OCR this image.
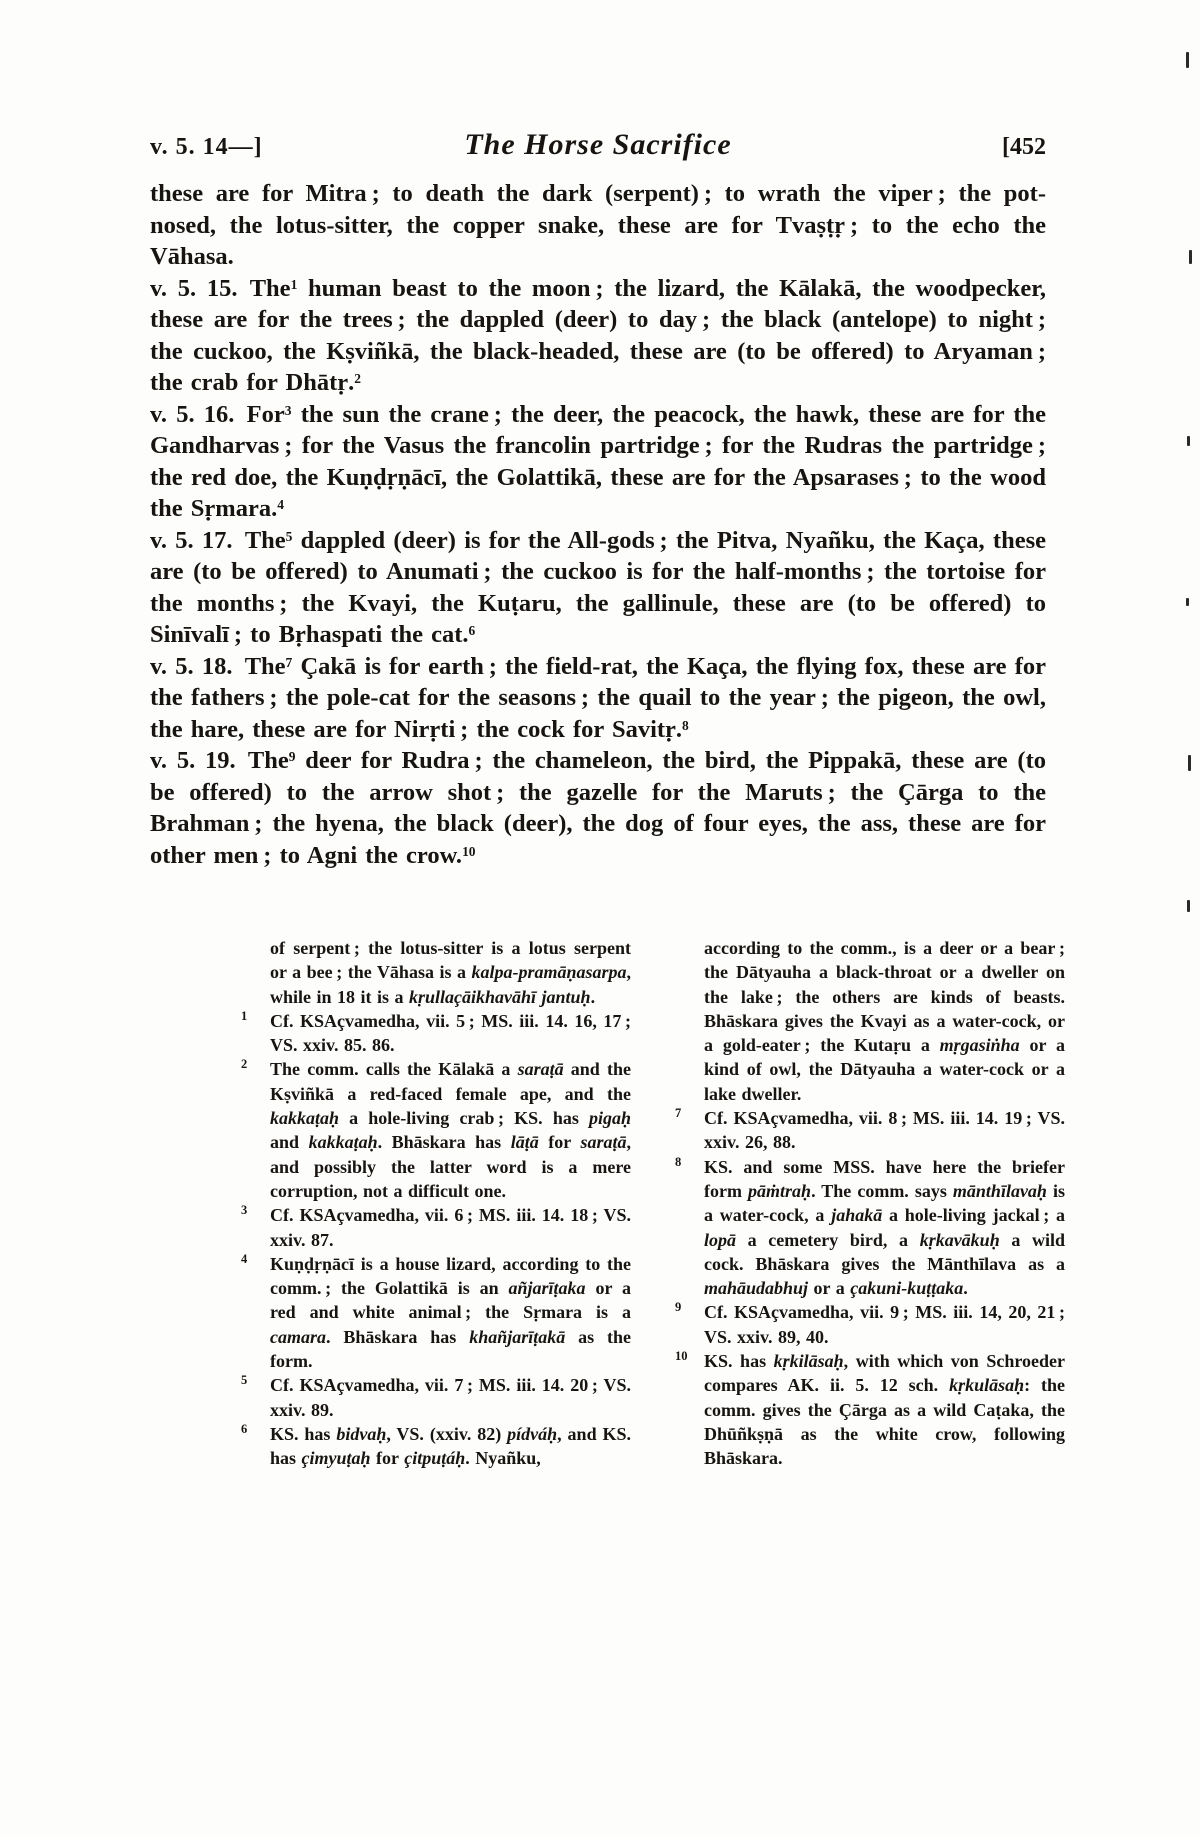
v. 5. 14—]	The Horse Sacrifice	[452

these are for Mitra ; to death the dark (serpent) ; to wrath the viper ; the pot-nosed, the lotus-sitter, the copper snake, these are for Tvaṣṭṛ ; to the echo the Vāhasa.

v. 5. 15. The$^1$ human beast to the moon ; the lizard, the Kālakā, the woodpecker, these are for the trees ; the dappled (deer) to day ; the black (antelope) to night ; the cuckoo, the Kṣviñkā, the black-headed, these are (to be offered) to Aryaman ; the crab for Dhātṛ.$^2$

v. 5. 16. For$^3$ the sun the crane ; the deer, the peacock, the hawk, these are for the Gandharvas ; for the Vasus the francolin partridge ; for the Rudras the partridge ; the red doe, the Kuṇḍṛṇācī, the Golattikā, these are for the Apsarases ; to the wood the Sṛmara.$^4$

v. 5. 17. The$^5$ dappled (deer) is for the All-gods ; the Pitva, Nyañku, the Kaça, these are (to be offered) to Anumati ; the cuckoo is for the half-months ; the tortoise for the months ; the Kvayi, the Kuṭaru, the gallinule, these are (to be offered) to Sinīvalī ; to Bṛhaspati the cat.$^6$

v. 5. 18. The$^7$ Çakā is for earth ; the field-rat, the Kaça, the flying fox, these are for the fathers ; the pole-cat for the seasons ; the quail to the year ; the pigeon, the owl, the hare, these are for Nirṛti ; the cock for Savitṛ.$^8$

v. 5. 19. The$^9$ deer for Rudra ; the chameleon, the bird, the Pippakā, these are (to be offered) to the arrow shot ; the gazelle for the Maruts ; the Çārga to the Brahman ; the hyena, the black (deer), the dog of four eyes, the ass, these are for other men ; to Agni the crow.$^{10}$

of serpent ; the lotus-sitter is a lotus serpent or a bee ; the Vāhasa is a kalpa-pramāṇasarpa, while in 18 it is a kṛullaçāikhavāhī jantuḥ.
1 Cf. KSAçvamedha, vii. 5 ; MS. iii. 14. 16, 17 ; VS. xxiv. 85. 86.
2 The comm. calls the Kālakā a saraṭā and the Kṣviñkā a red-faced female ape, and the kakkaṭaḥ a hole-living crab ; KS. has pigaḥ and kakkaṭaḥ. Bhāskara has lāṭā for saraṭā, and possibly the latter word is a mere corruption, not a difficult one.
3 Cf. KSAçvamedha, vii. 6 ; MS. iii. 14. 18 ; VS. xxiv. 87.
4 Kuṇḍṛṇācī is a house lizard, according to the comm. ; the Golattikā is an añjarīṭaka or a red and white animal ; the Sṛmara is a camara. Bhāskara has khañjarīṭakā as the form.
5 Cf. KSAçvamedha, vii. 7 ; MS. iii. 14. 20 ; VS. xxiv. 89.
6 KS. has bidvaḥ, VS. (xxiv. 82) pídváḥ, and KS. has çimyuṭaḥ for çitpuṭáḥ. Nyañku,
according to the comm., is a deer or a bear ; the Dātyauha a black-throat or a dweller on the lake ; the others are kinds of beasts. Bhāskara gives the Kvayi as a water-cock, or a gold-eater ; the Kutaṛu a mṛgasiṅha or a kind of owl, the Dātyauha a water-cock or a lake dweller.
7 Cf. KSAçvamedha, vii. 8 ; MS. iii. 14. 19 ; VS. xxiv. 26, 88.
8 KS. and some MSS. have here the briefer form pāṁtraḥ. The comm. says mānthīlavaḥ is a water-cock, a jahakā a hole-living jackal ; a lopā a cemetery bird, a kṛkavākuḥ a wild cock. Bhāskara gives the Mānthīlava as a mahāudabhuj or a çakuni-kuṭṭaka.
9 Cf. KSAçvamedha, vii. 9 ; MS. iii. 14, 20, 21 ; VS. xxiv. 89, 40.
10 KS. has kṛkilāsaḥ, with which von Schroeder compares AK. ii. 5. 12 sch. kṛkulāsaḥ: the comm. gives the Çārga as a wild Caṭaka, the Dhūñkṣṇā as the white crow, following Bhāskara.
